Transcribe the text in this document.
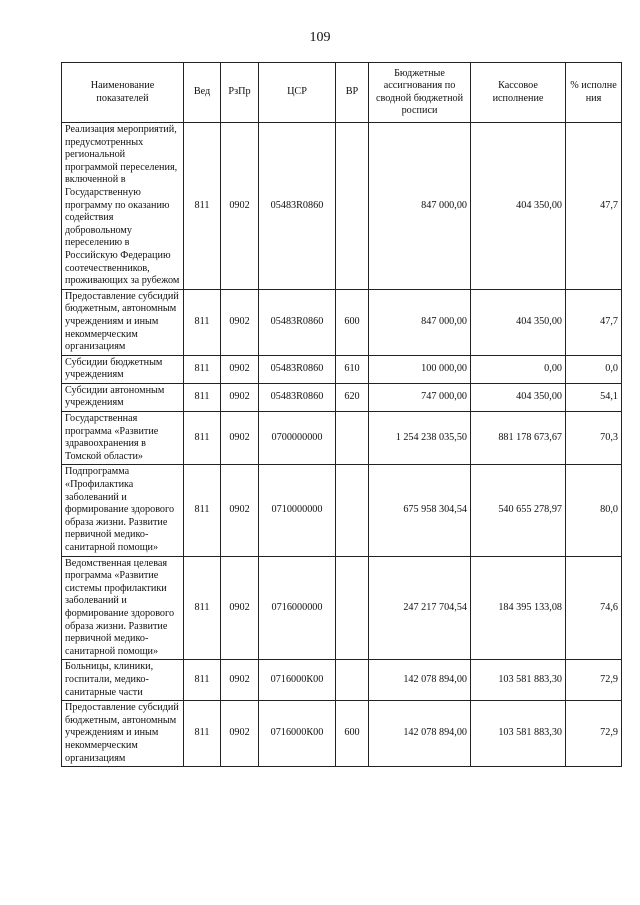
109
Наименование показателей	Вед	РзПр	ЦСР	ВР	Бюджетные ассигнования по сводной бюджетной росписи	Кассовое исполнение	% исполне ния
Реализация мероприятий, предусмотренных региональной программой переселения, включенной в Государственную программу по оказанию содействия добровольному переселению в Российскую Федерацию соотечественников, проживающих за рубежом	811	0902	05483R0860		847 000,00	404 350,00	47,7
Предоставление субсидий бюджетным, автономным учреждениям и иным некоммерческим организациям	811	0902	05483R0860	600	847 000,00	404 350,00	47,7
Субсидии бюджетным учреждениям	811	0902	05483R0860	610	100 000,00	0,00	0,0
Субсидии автономным учреждениям	811	0902	05483R0860	620	747 000,00	404 350,00	54,1
Государственная программа «Развитие здравоохранения в Томской области»	811	0902	0700000000		1 254 238 035,50	881 178 673,67	70,3
Подпрограмма «Профилактика заболеваний и формирование здорового образа жизни. Развитие первичной медико-санитарной помощи»	811	0902	0710000000		675 958 304,54	540 655 278,97	80,0
Ведомственная целевая программа «Развитие системы профилактики заболеваний и формирование здорового образа жизни. Развитие первичной медико-санитарной помощи»	811	0902	0716000000		247 217 704,54	184 395 133,08	74,6
Больницы, клиники, госпитали, медико-санитарные части	811	0902	0716000К00		142 078 894,00	103 581 883,30	72,9
Предоставление субсидий бюджетным, автономным учреждениям и иным некоммерческим организациям	811	0902	0716000К00	600	142 078 894,00	103 581 883,30	72,9
